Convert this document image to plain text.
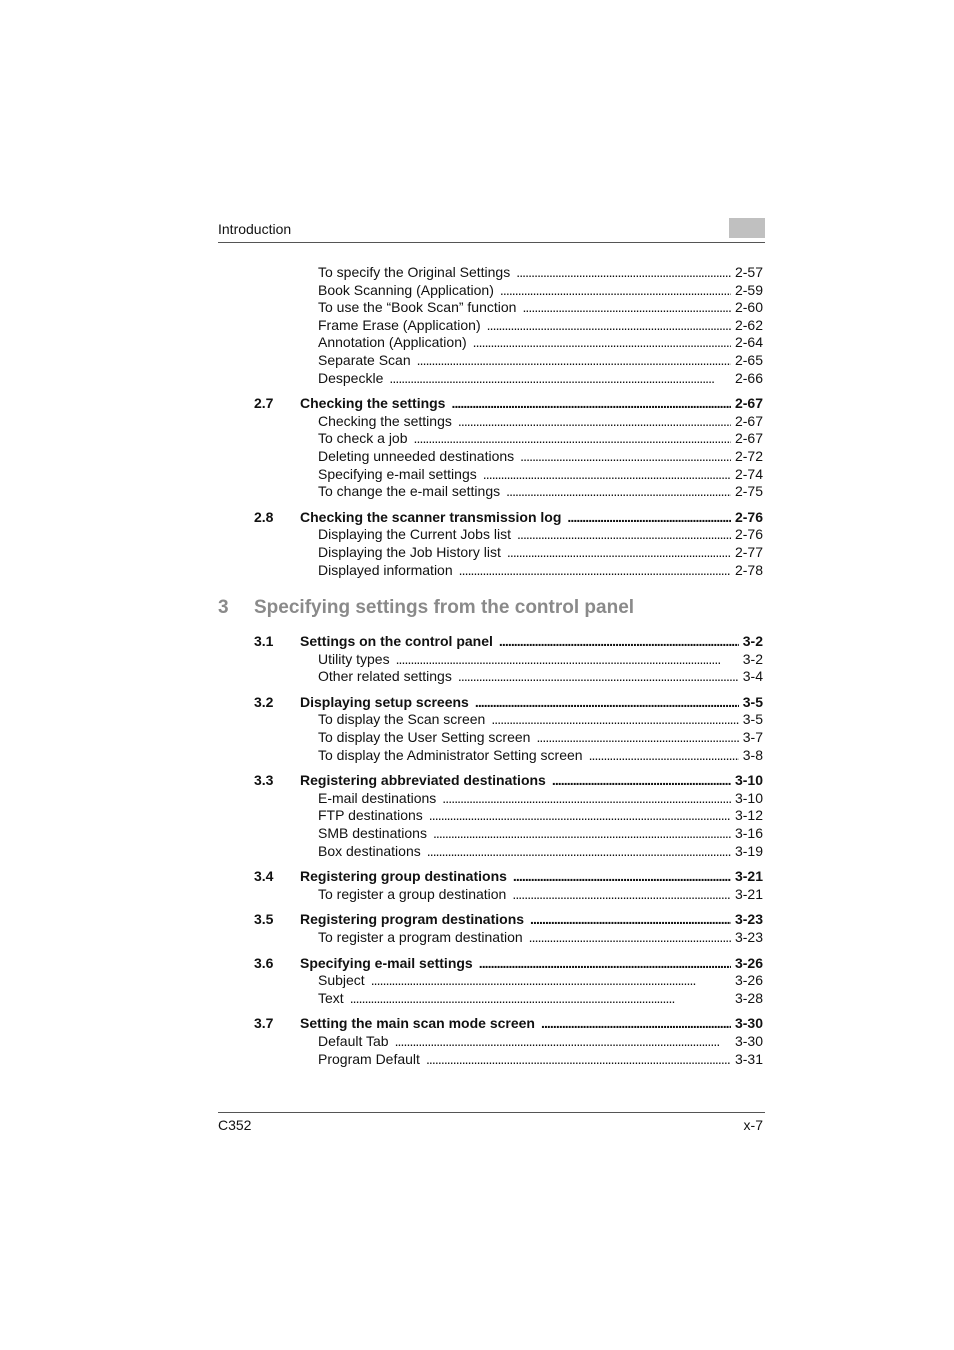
Introduction
To specify the Original Settings . . .	2-57
Book Scanning (Application) . . .	2-59
To use the “Book Scan” function . . .	2-60
Frame Erase (Application) . . .	2-62
Annotation (Application) . . .	2-64
Separate Scan . . .	2-65
Despeckle . . .	2-66
2.7	Checking the settings . . .	2-67
Checking the settings . . .	2-67
To check a job . . .	2-67
Deleting unneeded destinations . . .	2-72
Specifying e-mail settings . . .	2-74
To change the e-mail settings . . .	2-75
2.8	Checking the scanner transmission log . . .	2-76
Displaying the Current Jobs list . . .	2-76
Displaying the Job History list . . .	2-77
Displayed information . . .	2-78
3 Specifying settings from the control panel
3.1	Settings on the control panel . . .	3-2
Utility types . . .	3-2
Other related settings . . .	3-4
3.2	Displaying setup screens . . .	3-5
To display the Scan screen . . .	3-5
To display the User Setting screen . . .	3-7
To display the Administrator Setting screen . . .	3-8
3.3	Registering abbreviated destinations . . .	3-10
E-mail destinations . . .	3-10
FTP destinations . . .	3-12
SMB destinations . . .	3-16
Box destinations . . .	3-19
3.4	Registering group destinations . . .	3-21
To register a group destination . . .	3-21
3.5	Registering program destinations . . .	3-23
To register a program destination . . .	3-23
3.6	Specifying e-mail settings . . .	3-26
Subject . . .	3-26
Text . . .	3-28
3.7	Setting the main scan mode screen . . .	3-30
Default Tab . . .	3-30
Program Default . . .	3-31
C352	x-7
